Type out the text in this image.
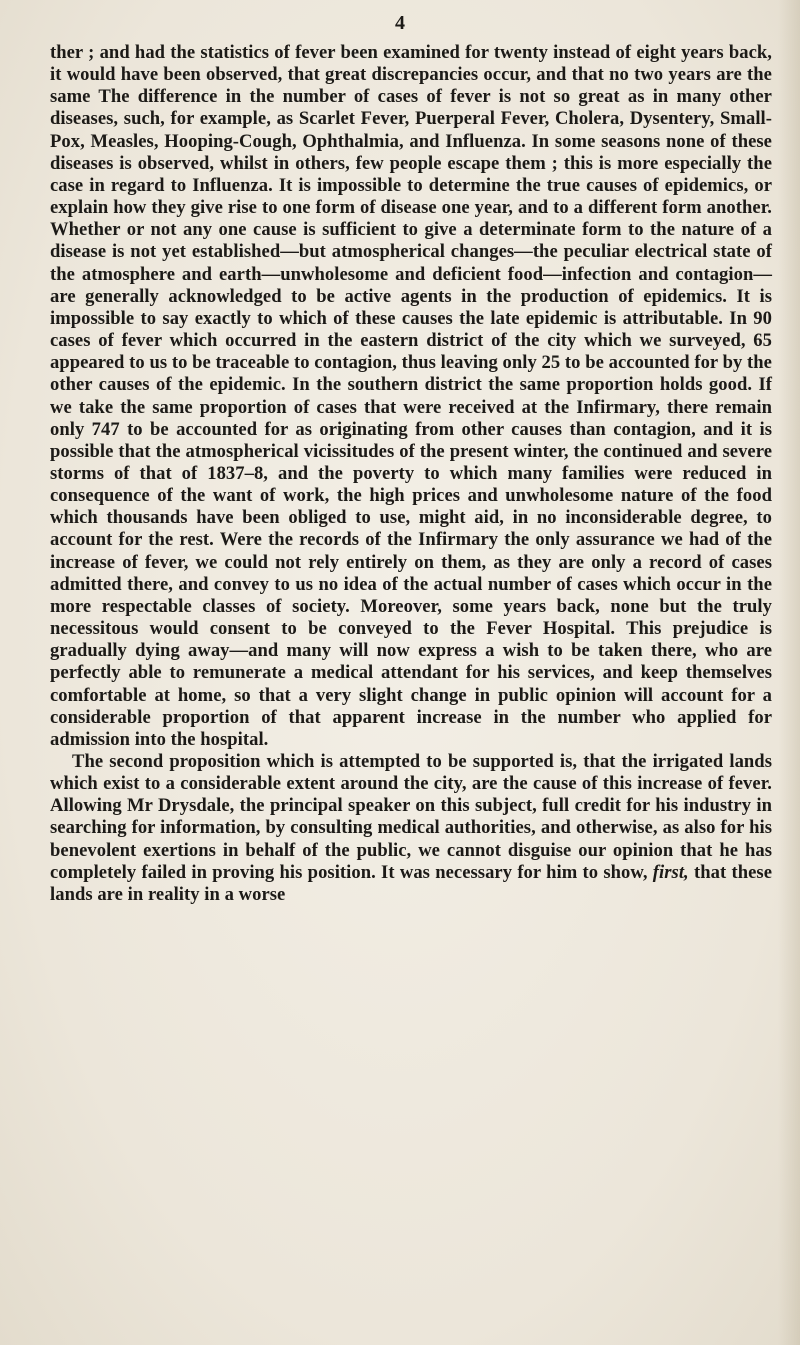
4

ther ; and had the statistics of fever been examined for twenty instead of eight years back, it would have been observed, that great discrepancies occur, and that no two years are the same The difference in the number of cases of fever is not so great as in many other diseases, such, for example, as Scarlet Fever, Puerperal Fever, Cholera, Dysentery, Small-Pox, Measles, Hooping-Cough, Ophthalmia, and Influenza. In some seasons none of these diseases is observed, whilst in others, few people escape them ; this is more especially the case in regard to Influenza. It is impossible to determine the true causes of epidemics, or explain how they give rise to one form of disease one year, and to a different form another. Whether or not any one cause is sufficient to give a determinate form to the nature of a disease is not yet established—but atmospherical changes—the peculiar electrical state of the atmosphere and earth—unwholesome and deficient food—infection and contagion—are generally acknowledged to be active agents in the production of epidemics. It is impossible to say exactly to which of these causes the late epidemic is attributable. In 90 cases of fever which occurred in the eastern district of the city which we surveyed, 65 appeared to us to be traceable to contagion, thus leaving only 25 to be accounted for by the other causes of the epidemic. In the southern district the same proportion holds good. If we take the same proportion of cases that were received at the Infirmary, there remain only 747 to be accounted for as originating from other causes than contagion, and it is possible that the atmospherical vicissitudes of the present winter, the continued and severe storms of that of 1837–8, and the poverty to which many families were reduced in consequence of the want of work, the high prices and unwholesome nature of the food which thousands have been obliged to use, might aid, in no inconsiderable degree, to account for the rest. Were the records of the Infirmary the only assurance we had of the increase of fever, we could not rely entirely on them, as they are only a record of cases admitted there, and convey to us no idea of the actual number of cases which occur in the more respectable classes of society. Moreover, some years back, none but the truly necessitous would consent to be conveyed to the Fever Hospital. This prejudice is gradually dying away—and many will now express a wish to be taken there, who are perfectly able to remunerate a medical attendant for his services, and keep themselves comfortable at home, so that a very slight change in public opinion will account for a considerable proportion of that apparent increase in the number who applied for admission into the hospital.

The second proposition which is attempted to be supported is, that the irrigated lands which exist to a considerable extent around the city, are the cause of this increase of fever. Allowing Mr Drysdale, the principal speaker on this subject, full credit for his industry in searching for information, by consulting medical authorities, and otherwise, as also for his benevolent exertions in behalf of the public, we cannot disguise our opinion that he has completely failed in proving his position. It was necessary for him to show, first, that these lands are in reality in a worse
